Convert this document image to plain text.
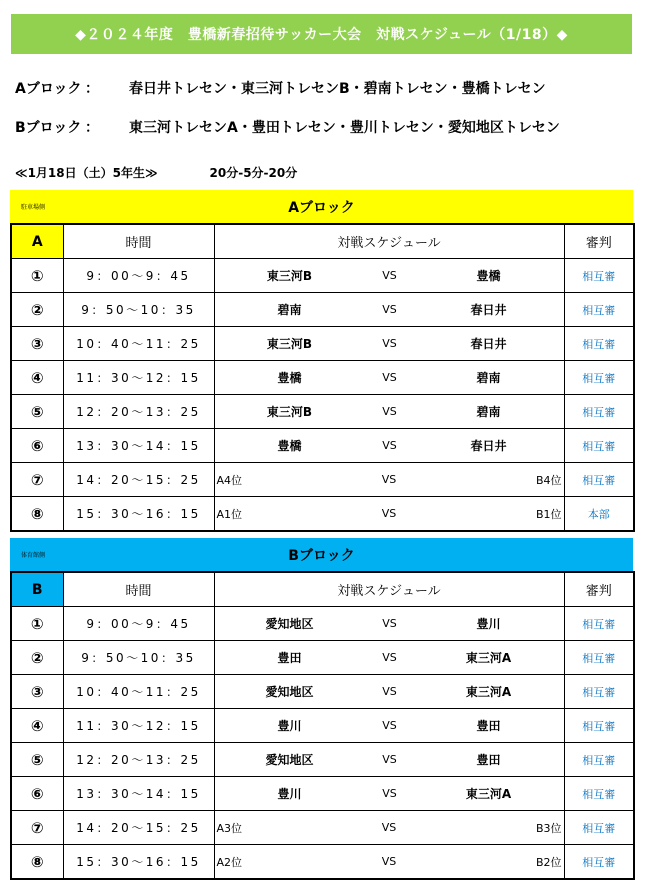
◆２０２４年度　豊橋新春招待サッカー大会　対戦スケジュール（1/18）◆
Aブロック ： 春日井トレセン・東三河トレセンB・碧南トレセン・豊橋トレセン
Bブロック ： 東三河トレセンA・豊田トレセン・豊川トレセン・愛知地区トレセン
≪1月18日（土）5年生≫	20分-5分-20分
駐車場側	Aブロック
A	時間	対戦スケジュール	審判
①	9：00～9：45	東三河B VS 豊橋	相互審
②	9：50～10：35	碧南 VS 春日井	相互審
③	10：40～11：25	東三河B VS 春日井	相互審
④	11：30～12：15	豊橋 VS 碧南	相互審
⑤	12：20～13：25	東三河B VS 碧南	相互審
⑥	13：30～14：15	豊橋 VS 春日井	相互審
⑦	14：20～15：25	A4位 VS B4位	相互審
⑧	15：30～16：15	A1位 VS B1位	本部
体育館側	Bブロック
B	時間	対戦スケジュール	審判
①	9：00～9：45	愛知地区 VS 豊川	相互審
②	9：50～10：35	豊田 VS 東三河A	相互審
③	10：40～11：25	愛知地区 VS 東三河A	相互審
④	11：30～12：15	豊川 VS 豊田	相互審
⑤	12：20～13：25	愛知地区 VS 豊田	相互審
⑥	13：30～14：15	豊川 VS 東三河A	相互審
⑦	14：20～15：25	A3位 VS B3位	相互審
⑧	15：30～16：15	A2位 VS B2位	相互審
